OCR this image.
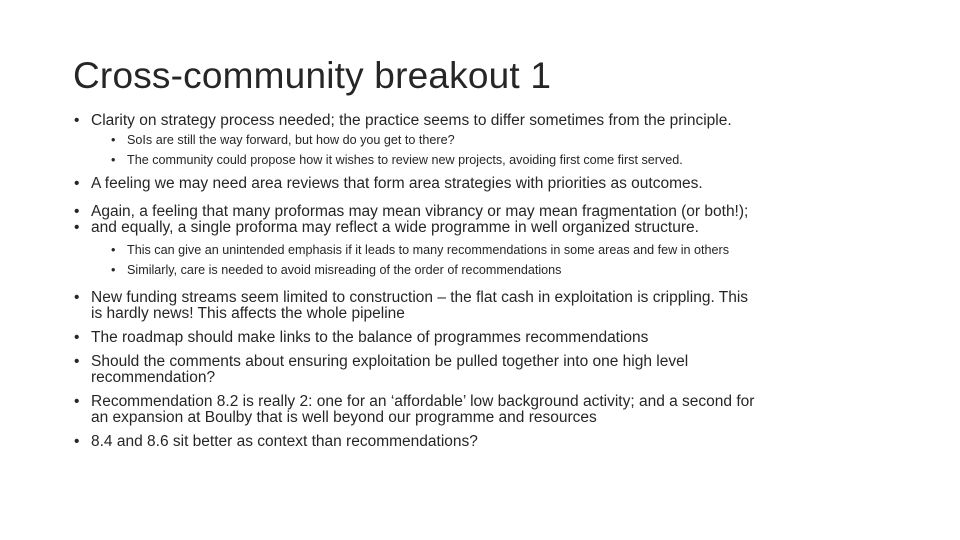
Cross-community breakout 1
• Clarity on strategy process needed; the practice seems to differ sometimes from the principle.
• SoIs are still the way forward, but how do you get to there?
• The community could propose how it wishes to review new projects, avoiding first come first served.
• A feeling we may need area reviews that form area strategies with priorities as outcomes.
• Again, a feeling that many proformas may mean vibrancy or may mean fragmentation (or both!);
• and equally, a single proforma may reflect a wide programme in well organized structure.
• This can give an unintended emphasis if it leads to many recommendations in some areas and few in others
• Similarly, care is needed to avoid misreading of the order of recommendations
• New funding streams seem limited to construction – the flat cash in exploitation is crippling. This
is hardly news! This affects the whole pipeline
• The roadmap should make links to the balance of programmes recommendations
• Should the comments about ensuring exploitation be pulled together into one high level
recommendation?
• Recommendation 8.2 is really 2: one for an ‘affordable’ low background activity; and a second for
an expansion at Boulby that is well beyond our programme and resources
• 8.4 and 8.6 sit better as context than recommendations?
